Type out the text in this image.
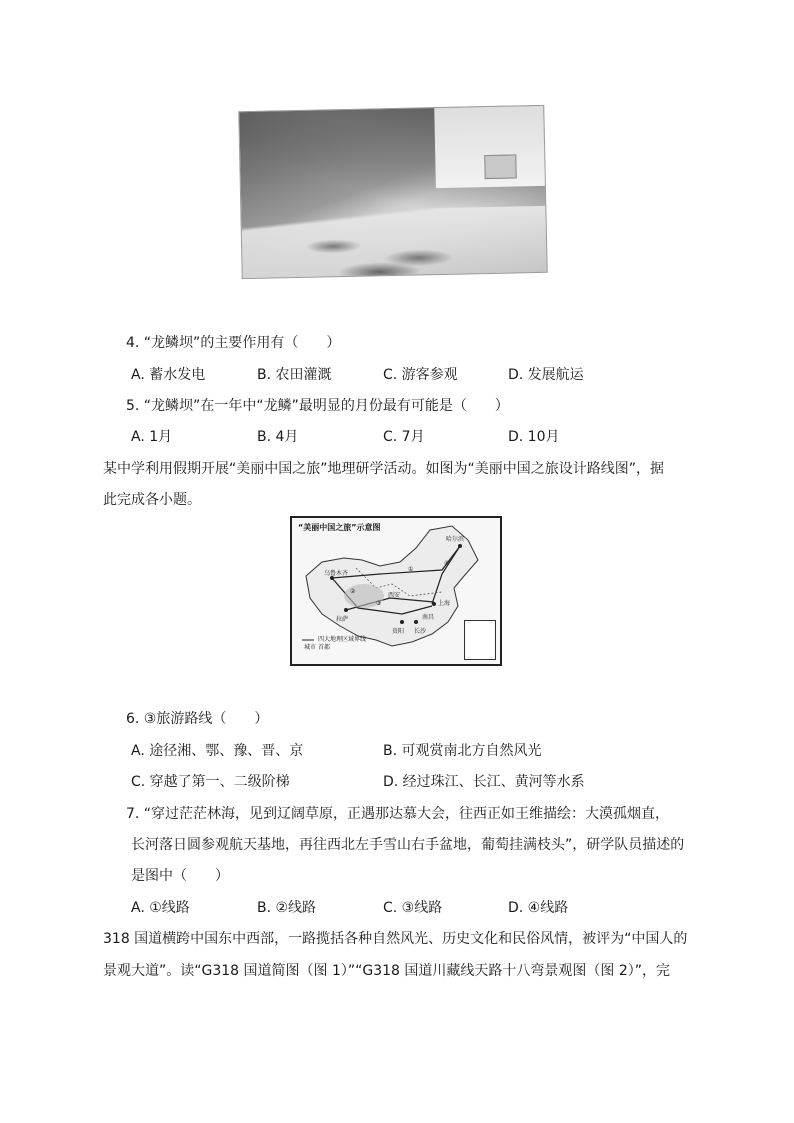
4. “龙鳞坝”的主要作用有（　　）
A. 蓄水发电	B. 农田灌溉	C. 游客参观	D. 发展航运
5. “龙鳞坝”在一年中“龙鳞”最明显的月份最有可能是（　　）
A. 1月	B. 4月	C. 7月	D. 10月
某中学利用假期开展“美丽中国之旅”地理研学活动。如图为“美丽中国之旅设计路线图”，据
此完成各小题。
“美丽中国之旅”示意图
乌鲁木齐
哈尔滨
拉萨
上海
贵阳 长沙
南昌
西安
①
②
③
④
四大地理区域界线
城市 首都
6. ③旅游路线（　　）
A. 途径湘、鄂、豫、晋、京	B. 可观赏南北方自然风光
C. 穿越了第一、二级阶梯	D. 经过珠江、长江、黄河等水系
7. “穿过茫茫林海，见到辽阔草原，正遇那达慕大会，往西正如王维描绘：大漠孤烟直，
长河落日圆参观航天基地，再往西北左手雪山右手盆地，葡萄挂满枝头”，研学队员描述的
是图中（　　）
A. ①线路	B. ②线路	C. ③线路	D. ④线路
318 国道横跨中国东中西部，一路揽括各种自然风光、历史文化和民俗风情，被评为“中国人的
景观大道”。读“G318 国道简图（图 1）”“G318 国道川藏线天路十八弯景观图（图 2）”，完
